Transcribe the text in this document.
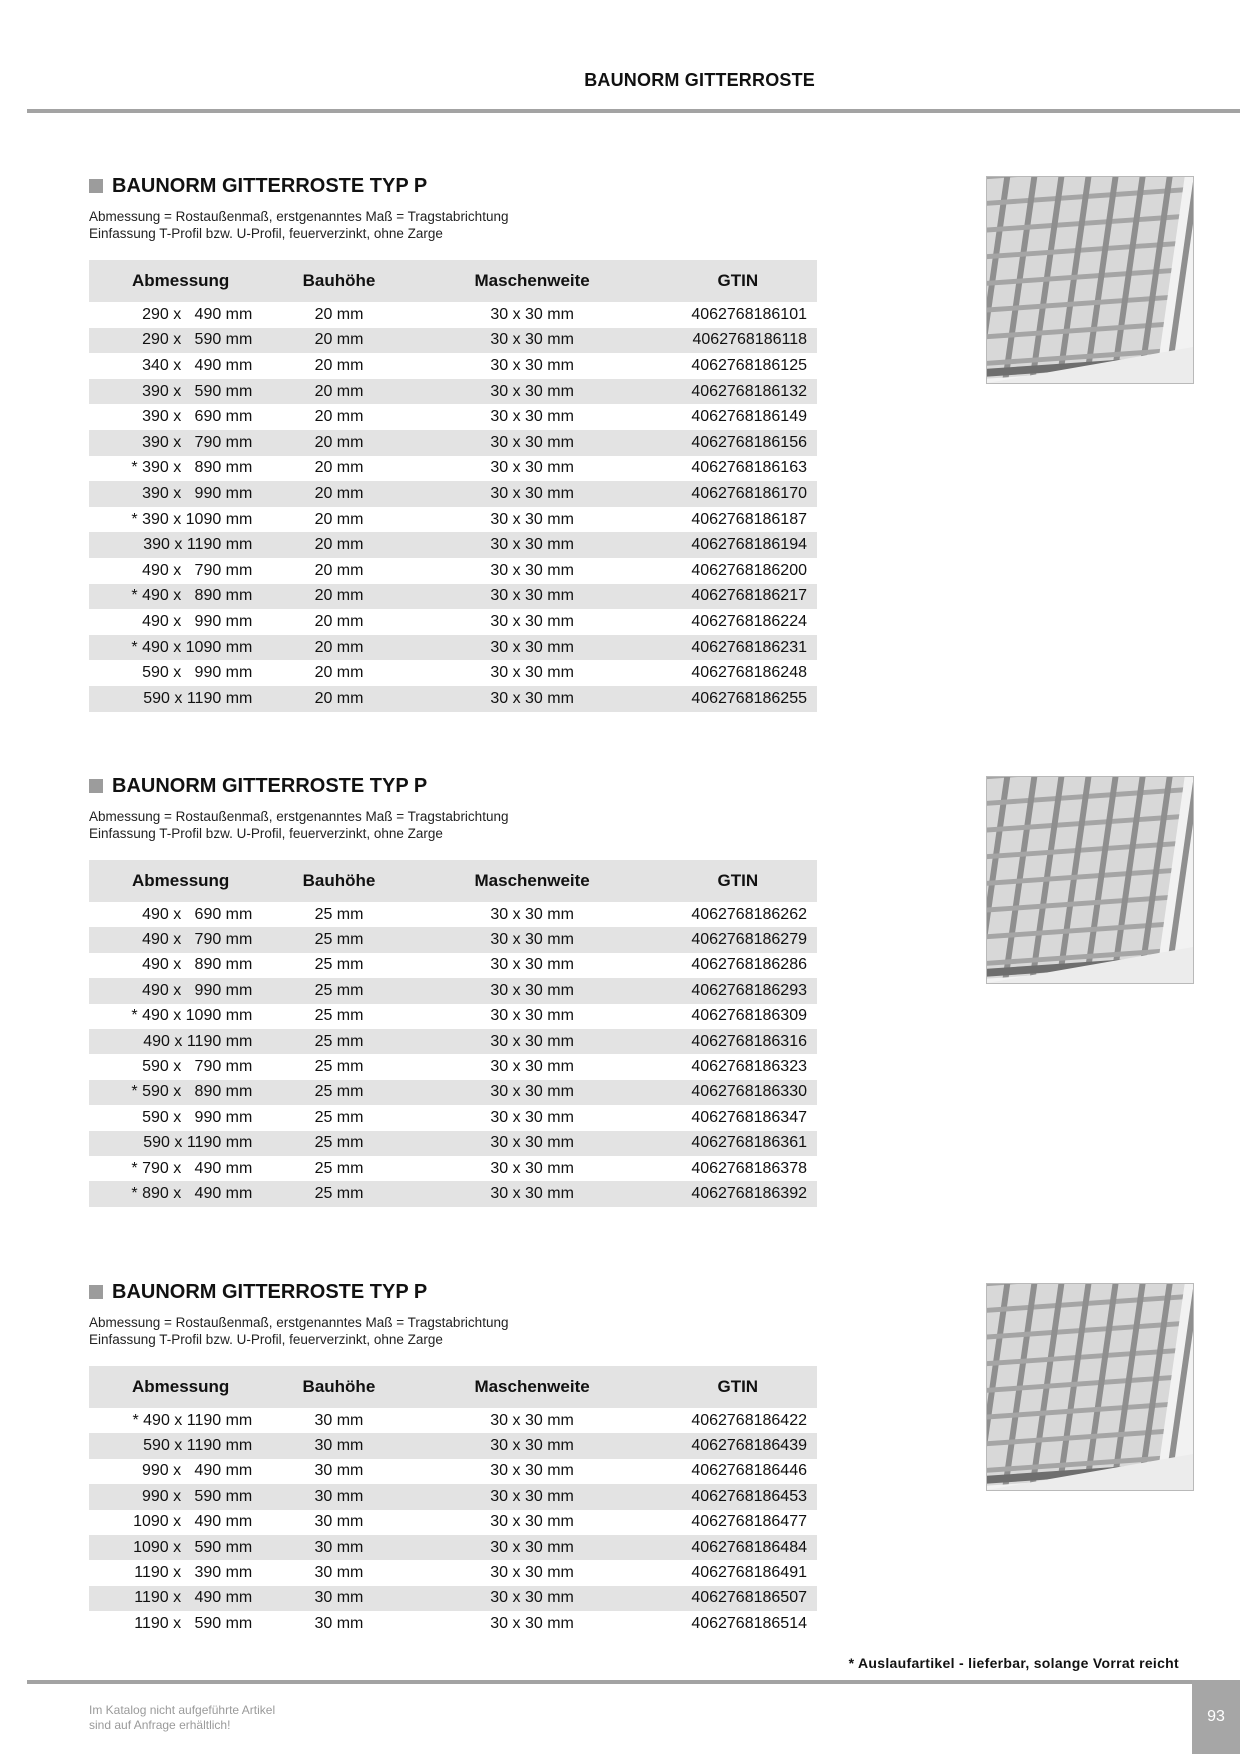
BAUNORM GITTERROSTE
BAUNORM GITTERROSTE TYP P
Abmessung = Rostaußenmaß, erstgenanntes Maß = Tragstabrichtung
Einfassung T-Profil bzw. U-Profil, feuerverzinkt, ohne Zarge
Abmessung	Bauhöhe	Maschenweite	GTIN
290 x   490 mm	20 mm	30 x 30 mm	4062768186101
290 x   590 mm	20 mm	30 x 30 mm	4062768186118
340 x   490 mm	20 mm	30 x 30 mm	4062768186125
390 x   590 mm	20 mm	30 x 30 mm	4062768186132
390 x   690 mm	20 mm	30 x 30 mm	4062768186149
390 x   790 mm	20 mm	30 x 30 mm	4062768186156
* 390 x   890 mm	20 mm	30 x 30 mm	4062768186163
390 x   990 mm	20 mm	30 x 30 mm	4062768186170
* 390 x 1090 mm	20 mm	30 x 30 mm	4062768186187
390 x 1190 mm	20 mm	30 x 30 mm	4062768186194
490 x   790 mm	20 mm	30 x 30 mm	4062768186200
* 490 x   890 mm	20 mm	30 x 30 mm	4062768186217
490 x   990 mm	20 mm	30 x 30 mm	4062768186224
* 490 x 1090 mm	20 mm	30 x 30 mm	4062768186231
590 x   990 mm	20 mm	30 x 30 mm	4062768186248
590 x 1190 mm	20 mm	30 x 30 mm	4062768186255
BAUNORM GITTERROSTE TYP P
Abmessung = Rostaußenmaß, erstgenanntes Maß = Tragstabrichtung
Einfassung T-Profil bzw. U-Profil, feuerverzinkt, ohne Zarge
Abmessung	Bauhöhe	Maschenweite	GTIN
490 x   690 mm	25 mm	30 x 30 mm	4062768186262
490 x   790 mm	25 mm	30 x 30 mm	4062768186279
490 x   890 mm	25 mm	30 x 30 mm	4062768186286
490 x   990 mm	25 mm	30 x 30 mm	4062768186293
* 490 x 1090 mm	25 mm	30 x 30 mm	4062768186309
490 x 1190 mm	25 mm	30 x 30 mm	4062768186316
590 x   790 mm	25 mm	30 x 30 mm	4062768186323
* 590 x   890 mm	25 mm	30 x 30 mm	4062768186330
590 x   990 mm	25 mm	30 x 30 mm	4062768186347
590 x 1190 mm	25 mm	30 x 30 mm	4062768186361
* 790 x   490 mm	25 mm	30 x 30 mm	4062768186378
* 890 x   490 mm	25 mm	30 x 30 mm	4062768186392
BAUNORM GITTERROSTE TYP P
Abmessung = Rostaußenmaß, erstgenanntes Maß = Tragstabrichtung
Einfassung T-Profil bzw. U-Profil, feuerverzinkt, ohne Zarge
Abmessung	Bauhöhe	Maschenweite	GTIN
* 490 x 1190 mm	30 mm	30 x 30 mm	4062768186422
590 x 1190 mm	30 mm	30 x 30 mm	4062768186439
990 x   490 mm	30 mm	30 x 30 mm	4062768186446
990 x   590 mm	30 mm	30 x 30 mm	4062768186453
1090 x   490 mm	30 mm	30 x 30 mm	4062768186477
1090 x   590 mm	30 mm	30 x 30 mm	4062768186484
1190 x   390 mm	30 mm	30 x 30 mm	4062768186491
1190 x   490 mm	30 mm	30 x 30 mm	4062768186507
1190 x   590 mm	30 mm	30 x 30 mm	4062768186514
* Auslaufartikel - lieferbar, solange Vorrat reicht
Im Katalog nicht aufgeführte Artikel
sind auf Anfrage erhältlich!	93
